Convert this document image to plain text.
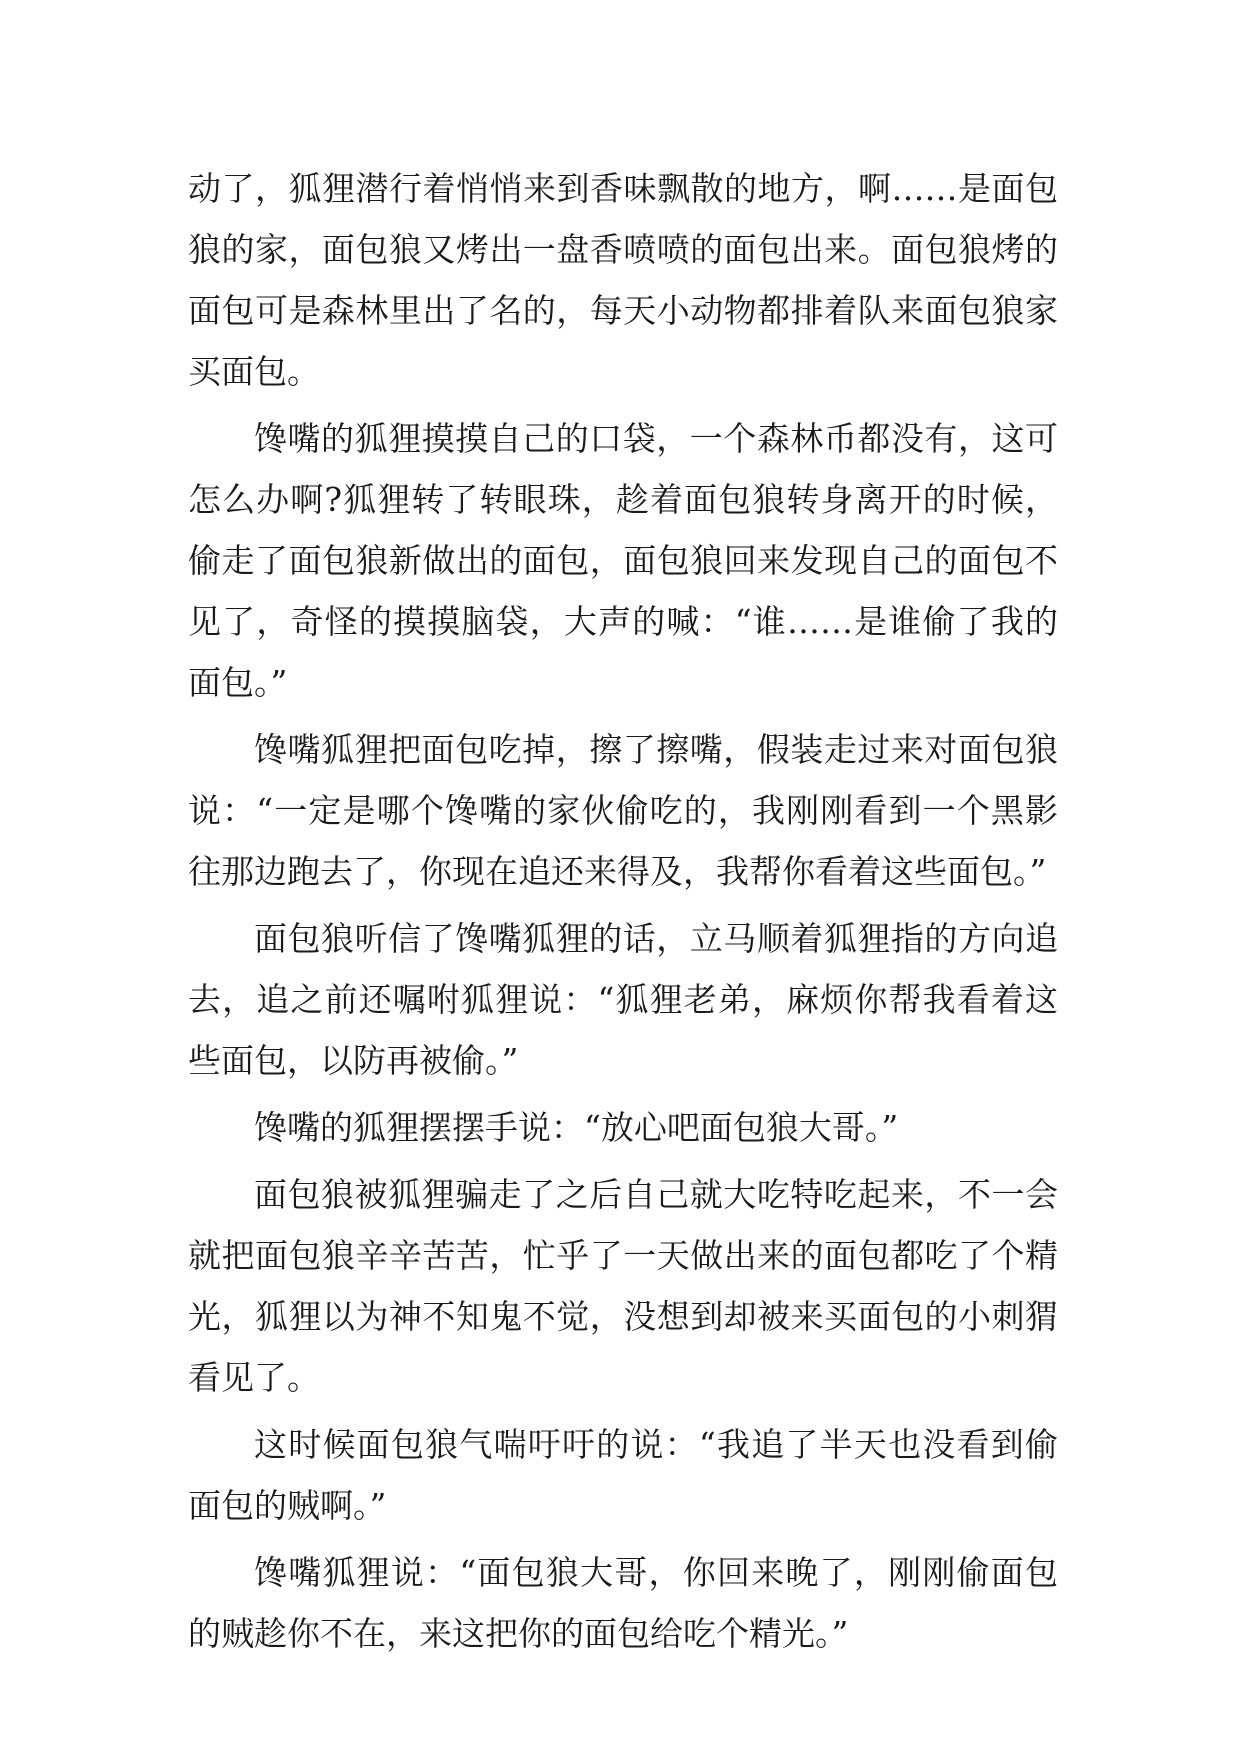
动了，狐狸潜行着悄悄来到香味飘散的地方，啊……是面包狼的家，面包狼又烤出一盘香喷喷的面包出来。面包狼烤的面包可是森林里出了名的，每天小动物都排着队来面包狼家买面包。

馋嘴的狐狸摸摸自己的口袋，一个森林币都没有，这可怎么办啊?狐狸转了转眼珠，趁着面包狼转身离开的时候，偷走了面包狼新做出的面包，面包狼回来发现自己的面包不见了，奇怪的摸摸脑袋，大声的喊：“谁……是谁偷了我的面包。”

馋嘴狐狸把面包吃掉，擦了擦嘴，假装走过来对面包狼说：“一定是哪个馋嘴的家伙偷吃的，我刚刚看到一个黑影往那边跑去了，你现在追还来得及，我帮你看着这些面包。”

面包狼听信了馋嘴狐狸的话，立马顺着狐狸指的方向追去，追之前还嘱咐狐狸说：“狐狸老弟，麻烦你帮我看着这些面包，以防再被偷。”

馋嘴的狐狸摆摆手说：“放心吧面包狼大哥。”

面包狼被狐狸骗走了之后自己就大吃特吃起来，不一会就把面包狼辛辛苦苦，忙乎了一天做出来的面包都吃了个精光，狐狸以为神不知鬼不觉，没想到却被来买面包的小刺猬看见了。

这时候面包狼气喘吁吁的说：“我追了半天也没看到偷面包的贼啊。”

馋嘴狐狸说：“面包狼大哥，你回来晚了，刚刚偷面包的贼趁你不在，来这把你的面包给吃个精光。”
